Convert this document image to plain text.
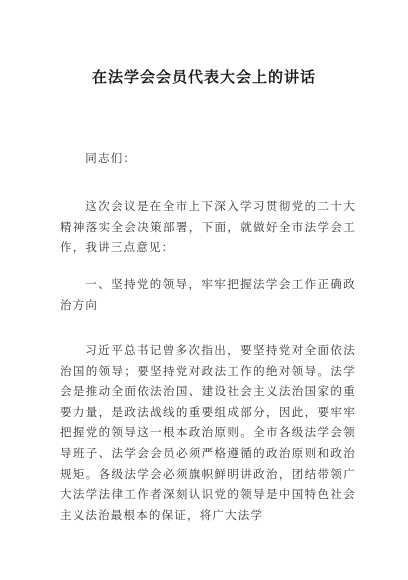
在法学会会员代表大会上的讲话

同志们：

这次会议是在全市上下深入学习贯彻党的二十大精神落实全会决策部署，下面，就做好全市法学会工作，我讲三点意见：

一、坚持党的领导，牢牢把握法学会工作正确政治方向

习近平总书记曾多次指出，要坚持党对全面依法治国的领导；要坚持党对政法工作的绝对领导。法学会是推动全面依法治国、建设社会主义法治国家的重要力量，是政法战线的重要组成部分，因此，要牢牢把握党的领导这一根本政治原则。全市各级法学会领导班子、法学会会员必须严格遵循的政治原则和政治规矩。各级法学会必须旗帜鲜明讲政治，团结带领广大法学法律工作者深刻认识党的领导是中国特色社会主义法治最根本的保证，将广大法学
